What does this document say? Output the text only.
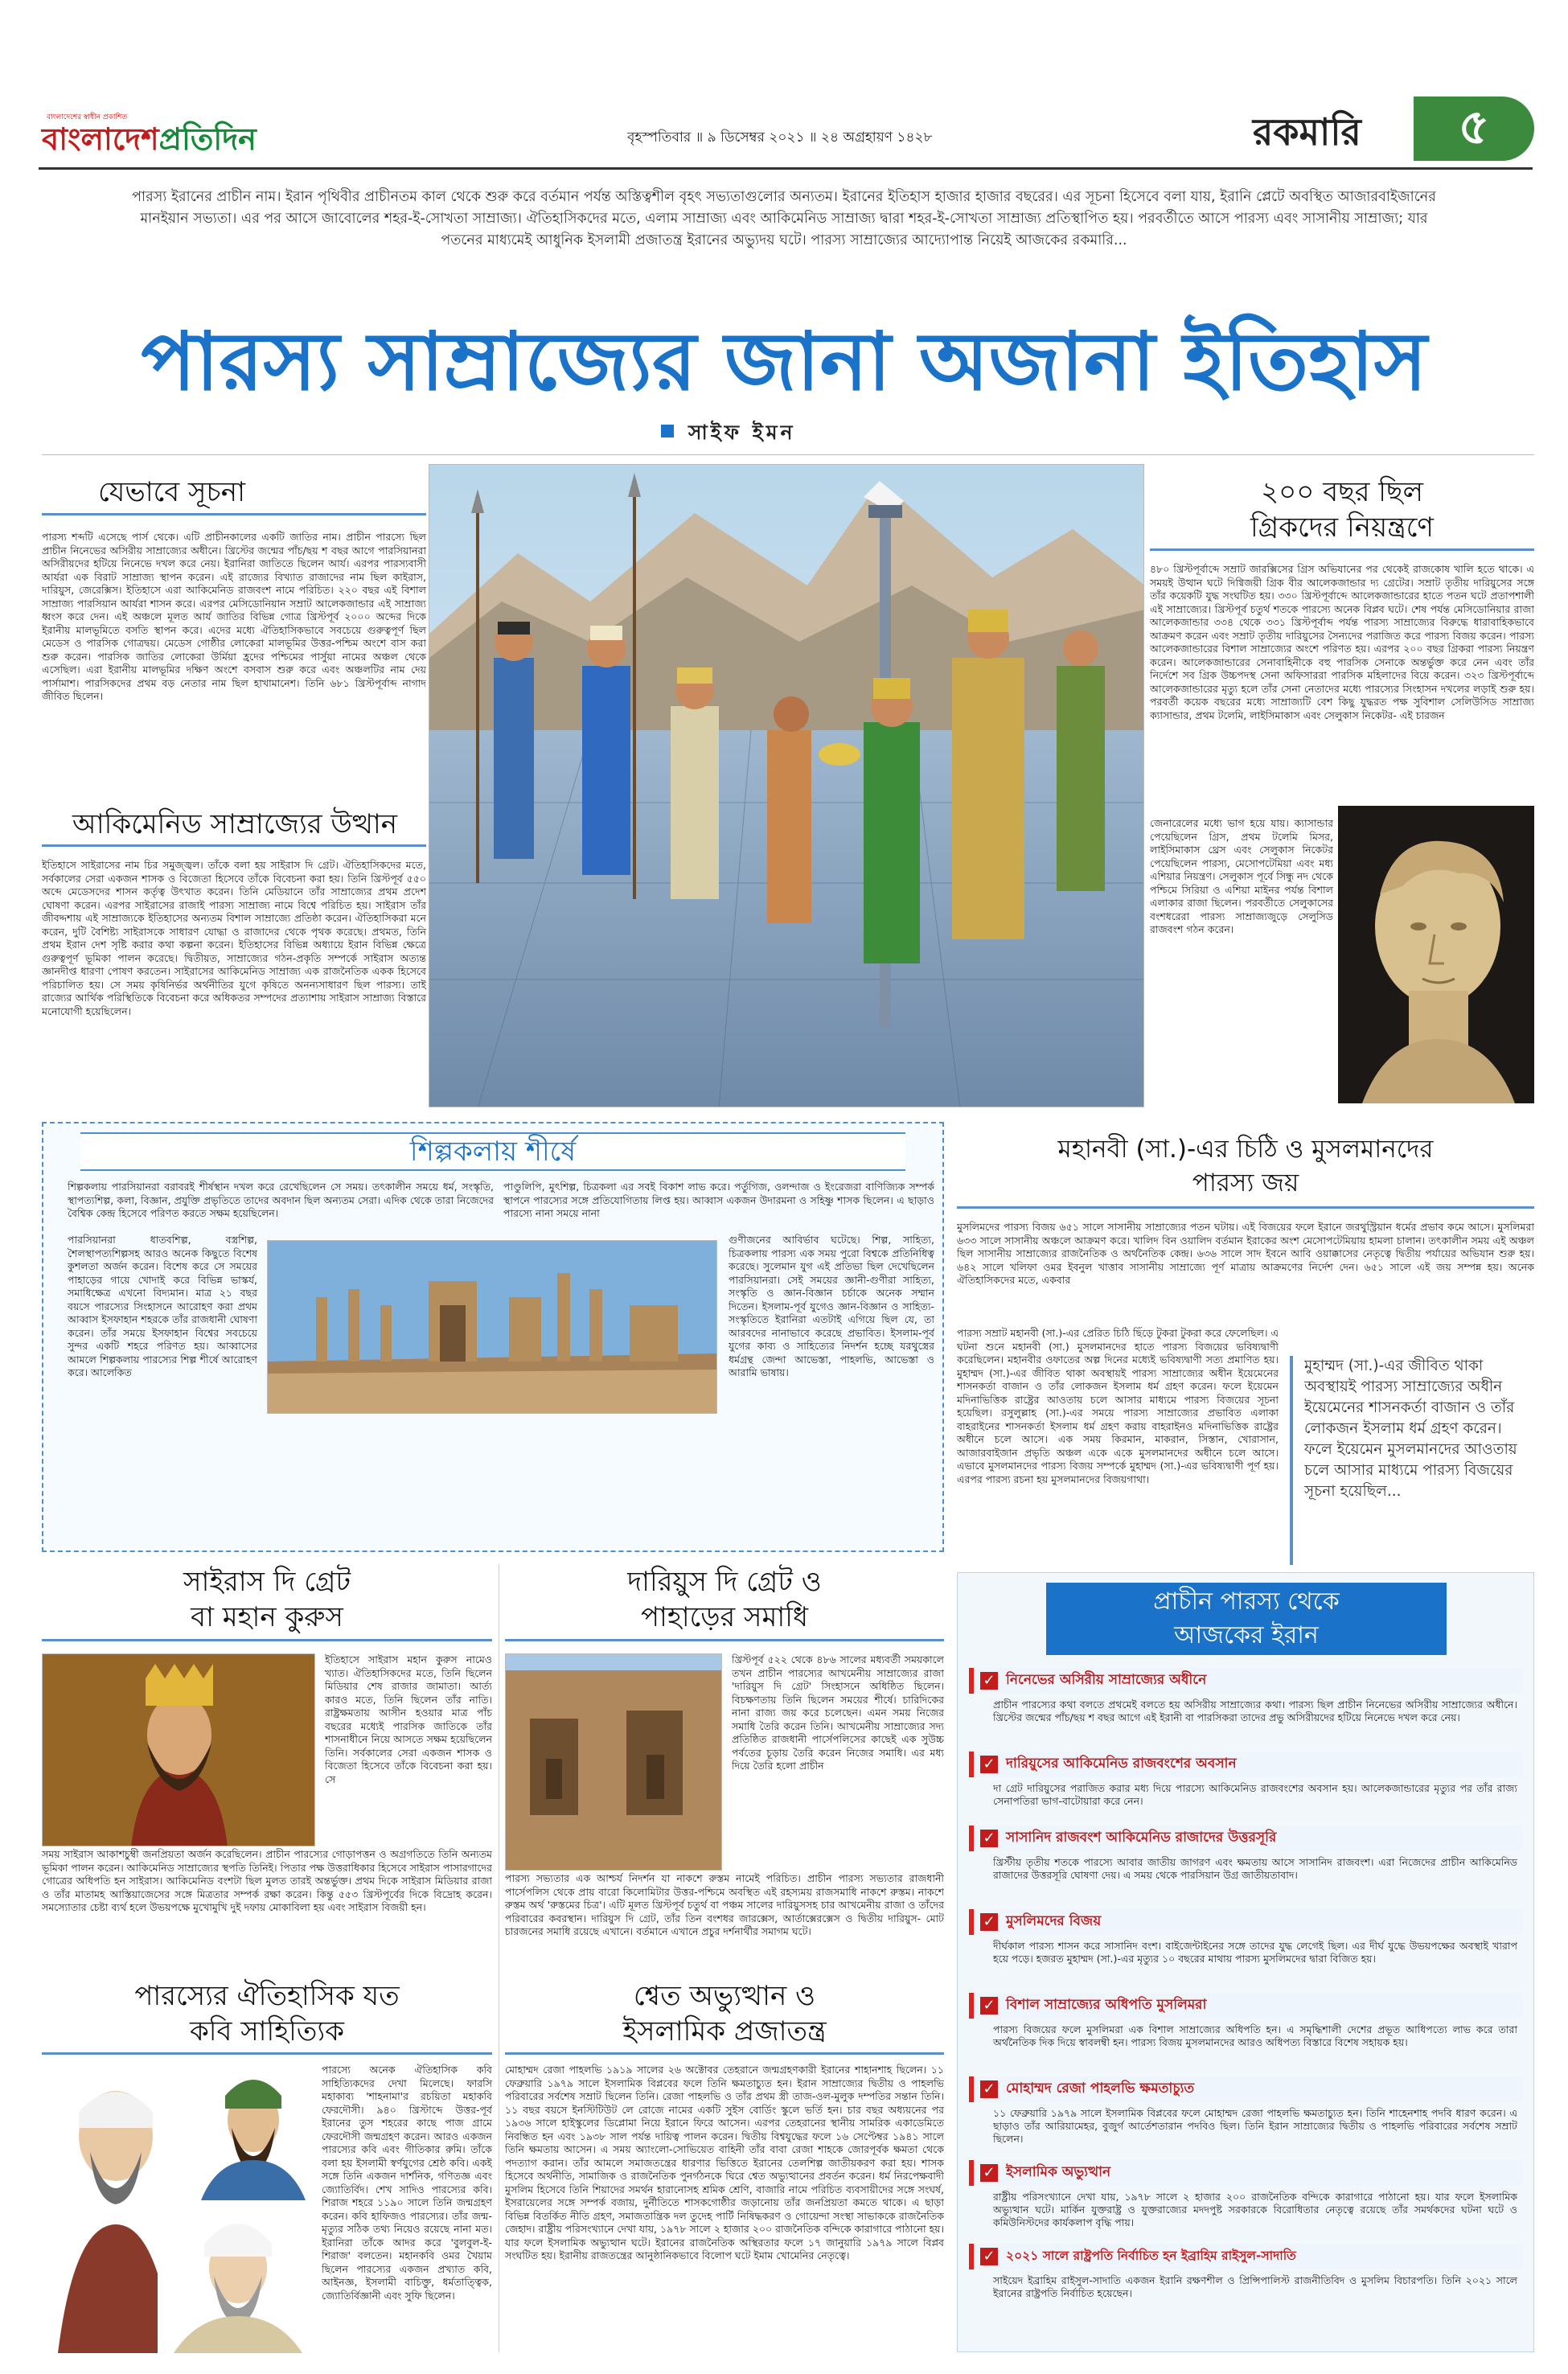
বাংলাদেশের স্বাধীন প্রকাশিত
বাংলাদেশপ্রতিদিন	বৃহস্পতিবার ॥ ৯ ডিসেম্বর ২০২১ ॥ ২৪ অগ্রহায়ণ ১৪২৮	রকমারি	৫
পারস্য ইরানের প্রাচীন নাম। ইরান পৃথিবীর প্রাচীনতম কাল থেকে শুরু করে বর্তমান পর্যন্ত অস্তিত্বশীল বৃহৎ সভ্যতাগুলোর অন্যতম। ইরানের ইতিহাস হাজার হাজার বছরের। এর সূচনা হিসেবে বলা যায়, ইরানি প্লেটে অবস্থিত আজারবাইজানের মানইয়ান সভ্যতা। এর পর আসে জাবোলের শহর-ই-সোখতা সাম্রাজ্য। ঐতিহাসিকদের মতে, এলাম সাম্রাজ্য এবং আকিমেনিড সাম্রাজ্য দ্বারা শহর-ই-সোখতা সাম্রাজ্য প্রতিস্থাপিত হয়। পরবর্তীতে আসে পারস্য এবং সাসানীয় সাম্রাজ্য; যার পতনের মাধ্যমেই আধুনিক ইসলামী প্রজাতন্ত্র ইরানের অভ্যুদয় ঘটে। পারস্য সাম্রাজ্যের আদ্যোপান্ত নিয়েই আজকের রকমারি...
পারস্য সাম্রাজ্যের জানা অজানা ইতিহাস
সাইফ ইমন
যেভাবে সূচনা
পারস্য শব্দটি এসেছে পার্স থেকে। এটি প্রাচীনকালের একটি জাতির নাম। প্রাচীন পারস্যে ছিল প্রাচীন নিনেভের অসিরীয় সাম্রাজ্যের অধীনে। খ্রিস্টের জন্মের পাঁচ/ছয় শ বছর আগে পারসিয়ানরা অসিরীয়দের হটিয়ে নিনেভে দখল করে নেয়। ইরানিরা জাতিতে ছিলেন আর্য। এরপর পারস্যবাসী আর্যরা এক বিরাট সাম্রাজ্য স্থাপন করেন। এই রাজ্যের বিখ্যাত রাজাদের নাম ছিল কাইরাস, দারিয়ুস, জেরেক্সিস। ইতিহাসে এরা আকিমেনিড রাজবংশ নামে পরিচিত। ২২০ বছর এই বিশাল সাম্রাজ্য পারসিয়ান আর্যরা শাসন করে। এরপর মেসিডোনিয়ান সম্রাট আলেকজান্ডার এই সাম্রাজ্য ধ্বংস করে দেন। এই অঞ্চলে মূলত আর্য জাতির বিভিন্ন গোত্র খ্রিস্টপূর্ব ২০০০ অব্দের দিকে ইরানীয় মালভূমিতে বসতি স্থাপন করে। এদের মধ্যে ঐতিহাসিকভাবে সবচেয়ে গুরুত্বপূর্ণ ছিল মেডেস ও পারসিক গোত্রদ্বয়। মেডেস গোষ্ঠীর লোকেরা মালভূমির উত্তর-পশ্চিম অংশে বাস করা শুরু করেন। পারসিক জাতির লোকেরা উর্মিয়া হ্রদের পশ্চিমের পার্সুয়া নামের অঞ্চল থেকে এসেছিল। এরা ইরানীয় মালভূমির দক্ষিণ অংশে বসবাস শুরু করে এবং অঞ্চলটির নাম দেয় পার্সামাশ। পারসিকদের প্রথম বড় নেতার নাম ছিল হাখামানেশ। তিনি ৬৮১ খ্রিস্টপূর্বাব্দ নাগাদ জীবিত ছিলেন।
আকিমেনিড সাম্রাজ্যের উত্থান
ইতিহাসে সাইরাসের নাম চির সমুজ্জ্বল। তাঁকে বলা হয় সাইরাস দি গ্রেট। ঐতিহাসিকদের মতে, সর্বকালের সেরা একজন শাসক ও বিজেতা হিসেবে তাঁকে বিবেচনা করা হয়। তিনি খ্রিস্টপূর্ব ৫৫০ অব্দে মেডেসদের শাসন কর্তৃত্ব উৎখাত করেন। তিনি মেডিয়ানে তাঁর সাম্রাজ্যের প্রথম প্রদেশ ঘোষণা করেন। এরপর সাইরাসের রাজাই পারস্য সাম্রাজ্য নামে বিশ্বে পরিচিত হয়। সাইরাস তাঁর জীবদ্দশায় এই সাম্রাজ্যকে ইতিহাসের অন্যতম বিশাল সাম্রাজ্যে প্রতিষ্ঠা করেন। ঐতিহাসিকরা মনে করেন, দুটি বৈশিষ্ট্য সাইরাসকে সাধারণ যোদ্ধা ও রাজাদের থেকে পৃথক করেছে। প্রথমত, তিনি প্রথম ইরান দেশ সৃষ্টি করার কথা কল্পনা করেন। ইতিহাসের বিভিন্ন অধ্যায়ে ইরান বিভিন্ন ক্ষেত্রে গুরুত্বপূর্ণ ভূমিকা পালন করেছে। দ্বিতীয়ত, সাম্রাজ্যের গঠন-প্রকৃতি সম্পর্কে সাইরাস অত্যন্ত জ্ঞানদীপ্ত ধারণা পোষণ করতেন। সাইরাসের আকিমেনিড সাম্রাজ্য এক রাজনৈতিক একক হিসেবে পরিচালিত হয়। সে সময় কৃষিনির্ভর অর্থনীতির যুগে কৃষিতে অনন্যসাধারণ ছিল পারস্য। তাই রাজ্যের আর্থিক পরিস্থিতিকে বিবেচনা করে অধিকতর সম্পদের প্রত্যাশায় সাইরাস সাম্রাজ্য বিস্তারে মনোযোগী হয়েছিলেন।
২০০ বছর ছিল
গ্রিকদের নিয়ন্ত্রণে
৪৮০ খ্রিস্টপূর্বাব্দে সম্রাট জারক্সিসের গ্রিস অভিযানের পর থেকেই রাজকোষ খালি হতে থাকে। এ সময়ই উত্থান ঘটে দিগ্বিজয়ী গ্রিক বীর আলেকজান্ডার দ্য গ্রেটের। সম্রাট তৃতীয় দারিয়ুসের সঙ্গে তাঁর কয়েকটি যুদ্ধ সংঘটিত হয়। ৩৩০ খ্রিস্টপূর্বাব্দে আলেকজান্ডারের হাতে পতন ঘটে প্রতাপশালী এই সাম্রাজ্যের। খ্রিস্টপূর্ব চতুর্থ শতকে পারস্যে অনেক বিপ্লব ঘটে। শেষ পর্যন্ত মেসিডোনিয়ার রাজা আলেকজান্ডার ৩৩৪ থেকে ৩৩১ খ্রিস্টপূর্বাব্দ পর্যন্ত পারস্য সাম্রাজ্যের বিরুদ্ধে ধারাবাহিকভাবে আক্রমণ করেন এবং সম্রাট তৃতীয় দারিয়ুসের সৈন্যদের পরাজিত করে পারস্য বিজয় করেন। পারস্য আলেকজান্ডারের বিশাল সাম্রাজ্যের অংশে পরিণত হয়। এরপর ২০০ বছর গ্রিকরা পারস্য নিয়ন্ত্রণ করেন। আলেকজান্ডারের সেনাবাহিনীকে বহু পারসিক সেনাকে অন্তর্ভুক্ত করে নেন এবং তাঁর নির্দেশে সব গ্রিক উচ্চপদস্থ সেনা অফিসাররা পারসিক মহিলাদের বিয়ে করেন। ৩২৩ খ্রিস্টপূর্বাব্দে আলেকজান্ডারের মৃত্যু হলে তাঁর সেনা নেতাদের মধ্যে পারস্যের সিংহাসন দখলের লড়াই শুরু হয়। পরবর্তী কয়েক বছরের মধ্যে সাম্রাজ্যটি বেশ কিছু যুদ্ধরত পক্ষ সুবিশাল সেলিউসিড সাম্রাজ্য ক্যাসান্ডার, প্রথম টলেমি, লাইসিমাকাস এবং সেলুকাস নিকেটর- এই চারজন
জেনারেলের মধ্যে ভাগ হয়ে যায়। ক্যাসান্ডার পেয়েছিলেন গ্রিস, প্রথম টলেমি মিসর, লাইসিমাকাস থ্রেস এবং সেলুকাস নিকেটর পেয়েছিলেন পারস্য, মেসোপটেমিয়া এবং মধ্য এশিয়ার নিয়ন্ত্রণ। সেলুকাস পূর্বে সিন্ধু নদ থেকে পশ্চিমে সিরিয়া ও এশিয়া মাইনর পর্যন্ত বিশাল এলাকার রাজা ছিলেন। পরবর্তীতে সেলুকাসের বংশধরেরা পারস্য সাম্রাজ্যজুড়ে সেলুসিড রাজবংশ গঠন করেন।
শিল্পকলায় শীর্ষে
শিল্পকলায় পারসিয়ানরা বরাবরই শীর্ষস্থান দখল করে রেখেছিলেন সে সময়। তৎকালীন সময়ে ধর্ম, সংস্কৃতি, স্থাপত্যশিল্প, কলা, বিজ্ঞান, প্রযুক্তি প্রভৃতিতে তাদের অবদান ছিল অন্যতম সেরা। এদিক থেকে তারা নিজেদের বৈশ্বিক কেন্দ্র হিসেবে পরিণত করতে সক্ষম হয়েছিলেন।
পারসিয়ানরা ধাতবশিল্প, বস্ত্রশিল্প, শৈলস্থাপত্যশিল্পসহ আরও অনেক কিছুতে বিশেষ কুশলতা অর্জন করেন। বিশেষ করে সে সময়ের পাহাড়ের গায়ে খোদাই করে বিভিন্ন ভাস্কর্য, সমাধিক্ষেত্র এখনো বিদ্যমান। মাত্র ২১ বছর বয়সে পারস্যের সিংহাসনে আরোহণ করা প্রথম আব্বাস ইসফাহান শহরকে তাঁর রাজধানী ঘোষণা করেন। তাঁর সময়ে ইসফাহান বিশ্বের সবচেয়ে সুন্দর একটি শহরে পরিণত হয়। আব্বাসের আমলে শিল্পকলায় পারস্যের শিল্প শীর্ষে আরোহণ করে। আলেকিত
পাণ্ডুলিপি, মুৎশিল্প, চিত্রকলা এর সবই বিকাশ লাভ করে। পর্তুগিজ, ওলন্দাজ ও ইংরেজরা বাণিজ্যিক সম্পর্ক স্থাপনে পারস্যের সঙ্গে প্রতিযোগিতায় লিপ্ত হয়। আব্বাস একজন উদারমনা ও সহিষ্ণু শাসক ছিলেন। এ ছাড়াও পারস্যে নানা সময়ে নানা
গুণীজনের আবির্ভাব ঘটেছে। শিল্প, সাহিত্য, চিত্রকলায় পারস্য এক সময় পুরো বিশ্বকে প্রতিনিধিত্ব করেছে। সুলেমান যুগ এই প্রতিভা ছিল দেখেছিলেন পারসিয়ানরা। সেই সময়ের জ্ঞানী-গুণীরা সাহিত্য, সংস্কৃতি ও জ্ঞান-বিজ্ঞান চর্চাকে অনেক সম্মান দিতেন। ইসলাম-পূর্ব যুগেও জ্ঞান-বিজ্ঞান ও সাহিত্য-সংস্কৃতিতে ইরানিরা এতটাই এগিয়ে ছিল যে, তা আরবদের নানাভাবে করেছে প্রভাবিত। ইসলাম-পূর্ব যুগের কাব্য ও সাহিত্যের নিদর্শন হচ্ছে যরথুস্ত্রের ধর্মগ্রন্থ জেন্দা আভেস্তা, পাহলভি, আভেস্তা ও আরামি ভাষায়।
মহানবী (সা.)-এর চিঠি ও মুসলমানদের
পারস্য জয়
মুসলিমদের পারস্য বিজয় ৬৫১ সালে সাসানীয় সাম্রাজ্যের পতন ঘটায়। এই বিজয়ের ফলে ইরানে জরথুস্ট্রিয়ান ধর্মের প্রভাব কমে আসে। মুসলিমরা ৬৩৩ সালে সাসানীয় অঞ্চলে আক্রমণ করে। খালিদ বিন ওয়ালিদ বর্তমান ইরাকের অংশ মেসোপটেমিয়ায় হামলা চালান। তৎকালীন সময় এই অঞ্চল ছিল সাসানীয় সাম্রাজ্যের রাজনৈতিক ও অর্থনৈতিক কেন্দ্র। ৬৩৬ সালে সাদ ইবনে আবি ওয়াক্কাসের নেতৃত্বে দ্বিতীয় পর্যায়ের অভিযান শুরু হয়। ৬৪২ সালে খলিফা ওমর ইবনুল খাত্তাব সাসানীয় সাম্রাজ্যে পূর্ণ মাত্রায় আক্রমণের নির্দেশ দেন। ৬৫১ সালে এই জয় সম্পন্ন হয়। অনেক ঐতিহাসিকদের মতে, একবার
পারস্য সম্রাট মহানবী (সা.)-এর প্রেরিত চিঠি ছিঁড়ে টুকরা টুকরা করে ফেলেছিল। এ ঘটনা শুনে মহানবী (সা.) মুসলমানদের হাতে পারস্য বিজয়ের ভবিষ্যদ্বাণী করেছিলেন। মহানবীর ওফাতের অল্প দিনের মধ্যেই ভবিষ্যদ্বাণী সত্য প্রমাণিত হয়। মুহাম্মদ (সা.)-এর জীবিত থাকা অবস্থায়ই পারস্য সাম্রাজ্যের অধীন ইয়েমেনের শাসনকর্তা বাজান ও তাঁর লোকজন ইসলাম ধর্ম গ্রহণ করেন। ফলে ইয়েমেন মদিনাভিত্তিক রাষ্ট্রের আওতায় চলে আসার মাধ্যমে পারস্য বিজয়ের সূচনা হয়েছিল। রসুলুল্লাহ (সা.)-এর সময়ে পারস্য সাম্রাজ্যের প্রভাবিত এলাকা বাহরাইনের শাসনকর্তা ইসলাম ধর্ম গ্রহণ করায় বাহরাইনও মদিনাভিত্তিক রাষ্ট্রের অধীনে চলে আসে। এক সময় কিরমান, মাকরান, সিস্তান, খোরাসান, আজারবাইজান প্রভৃতি অঞ্চল একে একে মুসলমানদের অধীনে চলে আসে। এভাবে মুসলমানদের পারস্য বিজয় সম্পর্কে মুহাম্মদ (সা.)-এর ভবিষ্যদ্বাণী পূর্ণ হয়। এরপর পারস্য রচনা হয় মুসলমানদের বিজয়গাথা।
মুহাম্মদ (সা.)-এর জীবিত থাকা অবস্থায়ই পারস্য সাম্রাজ্যের অধীন ইয়েমেনের শাসনকর্তা বাজান ও তাঁর লোকজন ইসলাম ধর্ম গ্রহণ করেন। ফলে ইয়েমেন মুসলমানদের আওতায় চলে আসার মাধ্যমে পারস্য বিজয়ের সূচনা হয়েছিল...
সাইরাস দি গ্রেট
বা মহান কুরুস
ইতিহাসে সাইরাস মহান কুরুস নামেও খ্যাত। ঐতিহাসিকদের মতে, তিনি ছিলেন মিডিয়ার শেষ রাজার জামাতা। আর্ত্য কারও মতে, তিনি ছিলেন তাঁর নাতি। রাষ্ট্রক্ষমতায় আসীন হওয়ার মাত্র পাঁচ বছরের মধ্যেই পারসিক জাতিকে তাঁর শাসনাধীনে নিয়ে আসতে সক্ষম হয়েছিলেন তিনি। সর্বকালের সেরা একজন শাসক ও বিজেতা হিসেবে তাঁকে বিবেচনা করা হয়। সে
সময় সাইরাস আকাশচুম্বী জনপ্রিয়তা অর্জন করেছিলেন। প্রাচীন পারস্যের গোড়াপত্তন ও অগ্রগতিতে তিনি অন্যতম ভূমিকা পালন করেন। আকিমেনিড সাম্রাজ্যের স্থপতি তিনিই। পিতার পক্ষ উত্তরাধিকার হিসেবে সাইরাস পাসারগাদের গোত্রের অধিপতি হন সাইরাস। আকিমেনিড বংশটা ছিল মুলত তারই অন্তর্ভুক্ত। প্রথম দিকে সাইরাস মিডিয়ার রাজা ও তাঁর মাতামহ আস্তিয়াজেসের সঙ্গে মিত্রতার সম্পর্ক রক্ষা করেন। কিন্তু ৫৫৩ খ্রিস্টপূর্বের দিকে বিদ্রোহ করেন। সমস্যোতার চেষ্টা ব্যর্থ হলে উভয়পক্ষে মুখোমুখি দুই দফায় মোকাবিলা হয় এবং সাইরাস বিজয়ী হন।
দারিয়ুস দি গ্রেট ও
পাহাড়ের সমাধি
খ্রিস্টপূর্ব ৫২২ থেকে ৪৮৬ সালের মধ্যবর্তী সময়কালে তখন প্রাচীন পারস্যের আখমেনীয় সাম্রাজ্যের রাজা 'দারিয়ুস দি গ্রেট' সিংহাসনে অধিষ্ঠিত ছিলেন। বিচক্ষণতায় তিনি ছিলেন সময়ের শীর্ষে। চারিদিকের নানা রাজ্য জয় করে চলেছেন। এমন সময় নিজের সমাধি তৈরি করেন তিনি। আখমেনীয় সাম্রাজ্যের সদ্য প্রতিষ্ঠিত রাজধানী পার্সেপলিসের কাছেই এক সুউচ্চ পর্বতের চূড়ায় তৈরি করেন নিজের সমাধি। এর মধ্য দিয়ে তৈরি হলো প্রাচীন
পারস্য সভ্যতার এক আশ্চর্য নিদর্শন যা নাকশে রুস্তম নামেই পরিচিত। প্রাচীন পারস্য সভ্যতার রাজধানী পার্সেপলিস থেকে প্রায় বারো কিলোমিটার উত্তর-পশ্চিমে অবস্থিত এই রহস্যময় রাজসমাধি নাকশে রুস্তম। নাকশে রুস্তম অর্থ 'রুস্তমের চিত্র'। এটি মূলত খ্রিস্টপূর্ব চতুর্থ বা পঞ্চম সালের দারিয়ুসসহ চার আখমেনীয় রাজা ও তাঁদের পরিবারের কবরস্থান। দারিয়ুস দি গ্রেট, তাঁর তিন বংশধর জারক্সেস, আর্তাক্সেরক্সেস ও দ্বিতীয় দারিয়ুস- মোট চারজনের সমাধি রয়েছে এখানে। বর্তমানে এখানে প্রচুর দর্শনার্থীর সমাগম ঘটে।
পারস্যের ঐতিহাসিক যত
কবি সাহিত্যিক
পারস্যে অনেক ঐতিহাসিক কবি সাহিত্যিকদের দেখা মিলেছে। ফারসি মহাকাব্য 'শাহনামা'র রচয়িতা মহাকবি ফেরদৌসী। ৯৪০ খ্রিস্টাব্দে উত্তর-পূর্ব ইরানের তুস শহরের কাছে পাজ গ্রামে ফেরদৌসী জন্মগ্রহণ করেন। আরও একজন পারস্যের কবি এবং গীতিকার রুমি। তাঁকে বলা হয় ইসলামী স্বর্ণযুগের শ্রেষ্ঠ কবি। একই সঙ্গে তিনি একজন দার্শনিক, গণিতজ্ঞ এবং জ্যোতির্বিদ। শেখ সাদিও পারস্যের কবি। শিরাজ শহরে ১১৯০ সালে তিনি জন্মগ্রহণ করেন। কবি হাফিজও পারস্যের। তাঁর জন্ম-মৃত্যুর সঠিক তথ্য নিয়েও রয়েছে নানা মত। ইরানিরা তাঁকে আদর করে 'বুলবুল-ই-শিরাজ' বলতেন। মহানকবি ওমর খৈয়াম ছিলেন পারস্যের একজন প্রখ্যাত কবি, আইনজ্ঞ, ইসলামী বাচিক্তু, ধর্মতাত্ত্বিক, জ্যোতির্বিজ্ঞানী এবং সুফি ছিলেন।
শ্বেত অভ্যুত্থান ও
ইসলামিক প্রজাতন্ত্র
মোহাম্মদ রেজা পাহলভি ১৯১৯ সালের ২৬ অক্টোবর তেহরানে জন্মগ্রহণকারী ইরানের শাহানশাহ ছিলেন। ১১ ফেব্রুয়ারি ১৯৭৯ সালে ইসলামিক বিপ্লবের ফলে তিনি ক্ষমতাচ্যুত হন। ইরান সাম্রাজ্যের দ্বিতীয় ও পাহলভি পরিবারের সর্বশেষ সম্রাট ছিলেন তিনি। রেজা পাহলভি ও তাঁর প্রথম স্ত্রী তাজ-ওল-মুলুক দম্পতির সন্তান তিনি। ১১ বছর বয়সে ইনস্টিটিউট লে রোজে নামের একটি সুইস বোর্ডিং স্কুলে ভর্তি হন। চার বছর অধ্যয়নের পর ১৯৩৬ সালে হাইস্কুলের ডিপ্লোমা নিয়ে ইরানে ফিরে আসেন। এরপর তেহরানের স্থানীয় সামরিক একাডেমিতে নিবন্ধিত হন এবং ১৯৩৮ সাল পর্যন্ত দায়িত্ব পালন করেন। দ্বিতীয় বিশ্বযুদ্ধের ফলে ১৬ সেপ্টেম্বর ১৯৪১ সালে তিনি ক্ষমতায় আসেন। এ সময় অ্যাংলো-সোভিয়েত বাহিনী তাঁর বাবা রেজা শাহকে জোরপূর্বক ক্ষমতা থেকে পদত্যাগ করান। তাঁর আমলে সমাজতন্ত্রের ধারণার ভিত্তিতে ইরানের তেলশিল্প জাতীয়করণ করা হয়। শাসক হিসেবে অর্থনীতি, সামাজিক ও রাজনৈতিক পুনর্গঠনকে ঘিরে শ্বেত অভ্যুত্থানের প্রবর্তন করেন। ধর্ম নিরপেক্ষবাদী মুসলিম হিসেবে তিনি শিয়াদের সমর্থন হারানোসহ শ্রমিক শ্রেণি, বাজারি নামে পরিচিত ব্যবসায়ীদের সঙ্গে সংঘর্ষ, ইসরায়েলের সঙ্গে সম্পর্ক বজায়, দুর্নীতিতে শাসকগোষ্ঠীর জড়ানোয় তাঁর জনপ্রিয়তা কমতে থাকে। এ ছাড়া বিভিন্ন বিতর্কিত নীতি গ্রহণ, সমাজতান্ত্রিক দল তুদেহ পার্টি নিষিদ্ধকরণ ও গোয়েন্দা সংস্থা সাভাককে রাজনৈতিক জেহাদ। রাষ্ট্রীয় পরিসংখ্যানে দেখা যায়, ১৯৭৮ সালে ২ হাজার ২০০ রাজনৈতিক বন্দিকে কারাগারে পাঠানো হয়। যার ফলে ইসলামিক অভ্যুত্থান ঘটে। ইরানের রাজনৈতিক অস্থিরতার ফলে ১৭ জানুয়ারি ১৯৭৯ সালে বিপ্লব সংঘটিত হয়। ইরানীয় রাজতন্ত্রের আনুষ্ঠানিকভাবে বিলোপ ঘটে ইমাম খোমেনির নেতৃত্বে।
প্রাচীন পারস্য থেকে
আজকের ইরান
✓ নিনেভের অসিরীয় সাম্রাজ্যের অধীনে
প্রাচীন পারস্যের কথা বলতে প্রথমেই বলতে হয় অসিরীয় সাম্রাজ্যের কথা। পারস্য ছিল প্রাচীন নিনেভের অসিরীয় সাম্রাজ্যের অধীনে। খ্রিস্টের জন্মের পাঁচ/ছয় শ বছর আগে এই ইরানী বা পারসিকরা তাদের প্রভু অসিরীয়দের হটিয়ে নিনেভে দখল করে নেয়।
✓ দারিয়ুসের আকিমেনিড রাজবংশের অবসান
দা গ্রেট দারিয়ুসের পরাজিত করার মধ্য দিয়ে পারস্যে আকিমেনিড রাজবংশের অবসান হয়। আলেকজান্ডারের মৃত্যুর পর তাঁর রাজ্য সেনাপতিরা ভাগ-বাটোয়ারা করে নেন।
✓ সাসানিদ রাজবংশ আকিমেনিড রাজাদের উত্তরসূরি
খ্রিস্টীয় তৃতীয় শতকে পারস্যে আবার জাতীয় জাগরণ এবং ক্ষমতায় আসে সাসানিদ রাজবংশ। এরা নিজেদের প্রাচীন আকিমেনিড রাজাদের উত্তরসূরি ঘোষণা দেয়। এ সময় থেকে পারসিয়ান উগ্র জাতীয়তাবাদ।
✓ মুসলিমদের বিজয়
দীর্ঘকাল পারস্য শাসন করে সাসানিদ বংশ। বাইজেন্টাইনের সঙ্গে তাদের যুদ্ধ লেগেই ছিল। এর দীর্ঘ যুদ্ধে উভয়পক্ষের অবস্থাই খারাপ হয়ে পড়ে। হজরত মুহাম্মদ (সা.)-এর মৃত্যুর ১০ বছরের মাথায় পারস্য মুসলিমদের দ্বারা বিজিত হয়।
✓ বিশাল সাম্রাজ্যের অধিপতি মুসলিমরা
পারস্য বিজয়ের ফলে মুসলিমরা এক বিশাল সাম্রাজ্যের অধিপতি হন। এ সমৃদ্ধিশালী দেশের প্রভূত আধিপত্যে লাভ করে তারা অর্থনৈতিক দিক দিয়ে স্বাবলম্বী হন। পারস্য বিজয় মুসলমানদের আরও অধিপত্য বিস্তারে বিশেষ সহায়ক হয়।
✓ মোহাম্মদ রেজা পাহলভি ক্ষমতাচ্যুত
১১ ফেব্রুয়ারি ১৯৭৯ সালে ইসলামিক বিপ্লবের ফলে মোহাম্মদ রেজা পাহলভি ক্ষমতাচ্যুত হন। তিনি শাহেনশাহ পদবি ধারণ করেন। এ ছাড়াও তাঁর আরিয়ামেহর, বুজুর্গ আর্তেশতারান পদবিও ছিল। তিনি ইরান সাম্রাজ্যের দ্বিতীয় ও পাহলভি পরিবারের সর্বশেষ সম্রাট ছিলেন।
✓ ইসলামিক অভ্যুত্থান
রাষ্ট্রীয় পরিসংখ্যানে দেখা যায়, ১৯৭৮ সালে ২ হাজার ২০০ রাজনৈতিক বন্দিকে কারাগারে পাঠানো হয়। যার ফলে ইসলামিক অভ্যুত্থান ঘটে। মার্কিন যুক্তরাষ্ট্র ও যুক্তরাজ্যের মদদপুষ্ট সরকারকে বিরোধিতার নেতৃত্বে রয়েছে তাঁর সমর্থকদের ঘটনা ঘটে ও কমিউনিস্টদের কার্যকলাপ বৃদ্ধি পায়।
✓ ২০২১ সালে রাষ্ট্রপতি নির্বাচিত হন ইব্রাহিম রাইসুল-সাদাতি
সাইয়েদ ইব্রাহিম রাইসুল-সাদাতি একজন ইরানি রক্ষণশীল ও প্রিন্সিপালিস্ট রাজনীতিবিদ ও মুসলিম বিচারপতি। তিনি ২০২১ সালে ইরানের রাষ্ট্রপতি নির্বাচিত হয়েছেন।
